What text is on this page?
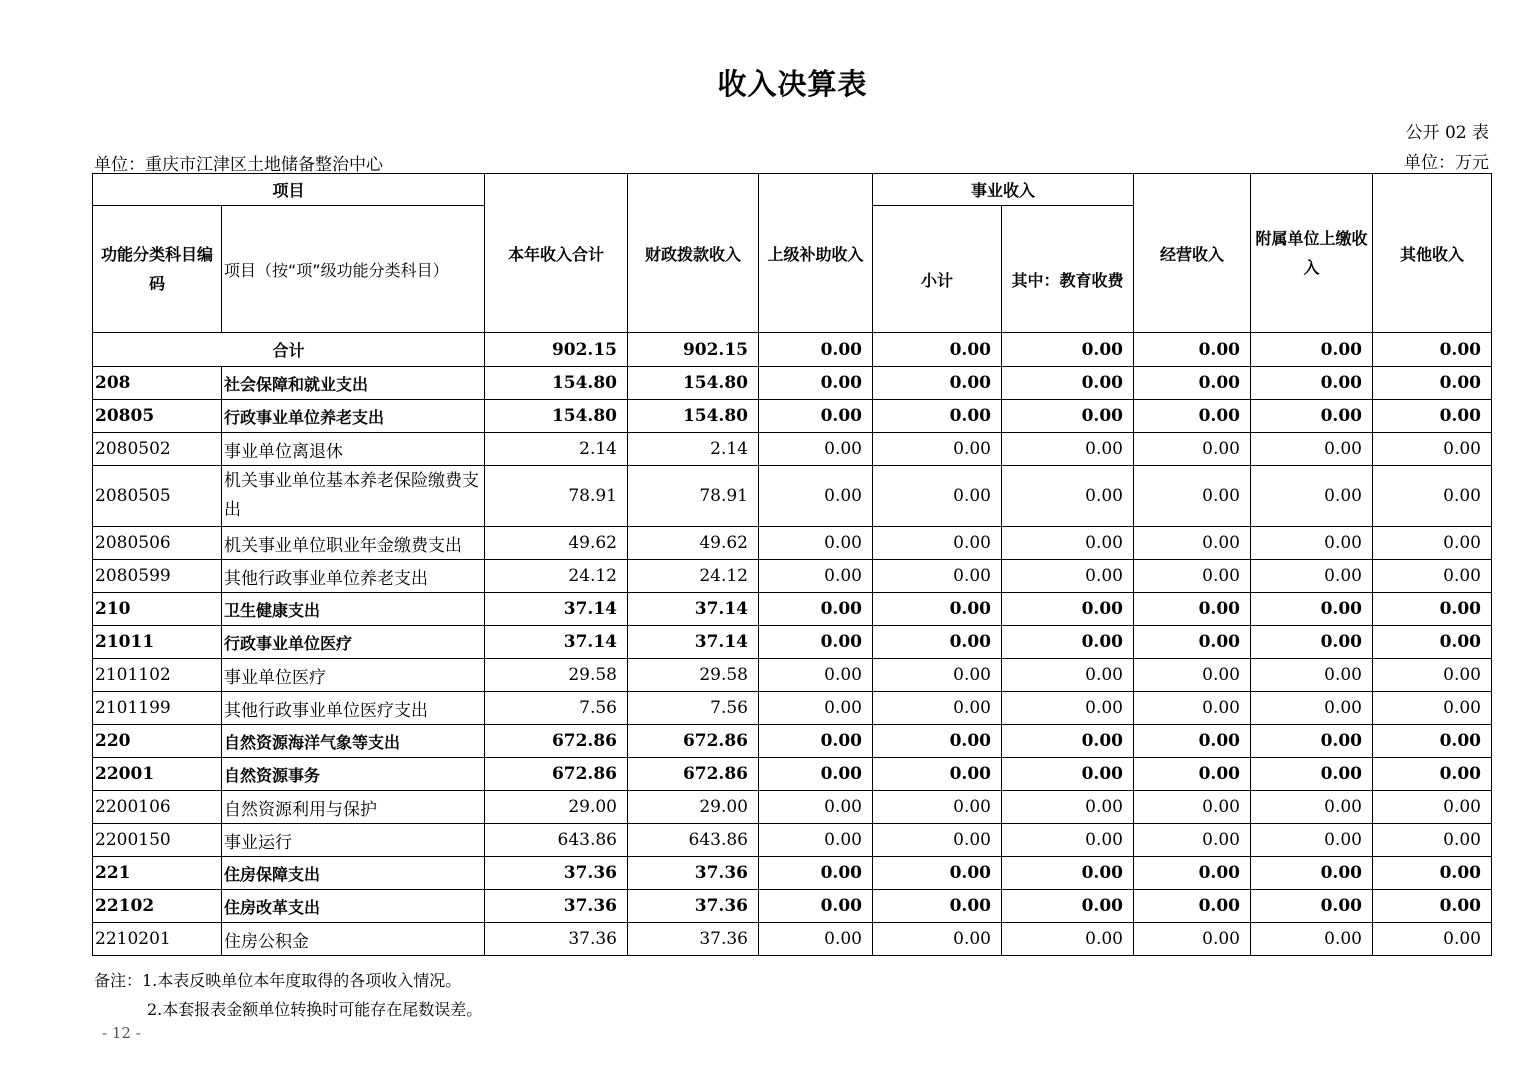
收入决算表
公开 02 表
单位：重庆市江津区土地储备整治中心	单位：万元
项目		本年收入合计	财政拨款收入	上级补助收入	事业收入		经营收入	附属单位上缴收入	其他收入
功能分类科目编码	项目（按“项”级功能分类科目）				小计	其中：教育收费			
合计		902.15	902.15	0.00	0.00	0.00	0.00	0.00	0.00
208	社会保障和就业支出	154.80	154.80	0.00	0.00	0.00	0.00	0.00	0.00
20805	行政事业单位养老支出	154.80	154.80	0.00	0.00	0.00	0.00	0.00	0.00
2080502	事业单位离退休	2.14	2.14	0.00	0.00	0.00	0.00	0.00	0.00
2080505	机关事业单位基本养老保险缴费支出	78.91	78.91	0.00	0.00	0.00	0.00	0.00	0.00
2080506	机关事业单位职业年金缴费支出	49.62	49.62	0.00	0.00	0.00	0.00	0.00	0.00
2080599	其他行政事业单位养老支出	24.12	24.12	0.00	0.00	0.00	0.00	0.00	0.00
210	卫生健康支出	37.14	37.14	0.00	0.00	0.00	0.00	0.00	0.00
21011	行政事业单位医疗	37.14	37.14	0.00	0.00	0.00	0.00	0.00	0.00
2101102	事业单位医疗	29.58	29.58	0.00	0.00	0.00	0.00	0.00	0.00
2101199	其他行政事业单位医疗支出	7.56	7.56	0.00	0.00	0.00	0.00	0.00	0.00
220	自然资源海洋气象等支出	672.86	672.86	0.00	0.00	0.00	0.00	0.00	0.00
22001	自然资源事务	672.86	672.86	0.00	0.00	0.00	0.00	0.00	0.00
2200106	自然资源利用与保护	29.00	29.00	0.00	0.00	0.00	0.00	0.00	0.00
2200150	事业运行	643.86	643.86	0.00	0.00	0.00	0.00	0.00	0.00
221	住房保障支出	37.36	37.36	0.00	0.00	0.00	0.00	0.00	0.00
22102	住房改革支出	37.36	37.36	0.00	0.00	0.00	0.00	0.00	0.00
2210201	住房公积金	37.36	37.36	0.00	0.00	0.00	0.00	0.00	0.00
备注：1.本表反映单位本年度取得的各项收入情况。
2.本套报表金额单位转换时可能存在尾数误差。
- 12 -
